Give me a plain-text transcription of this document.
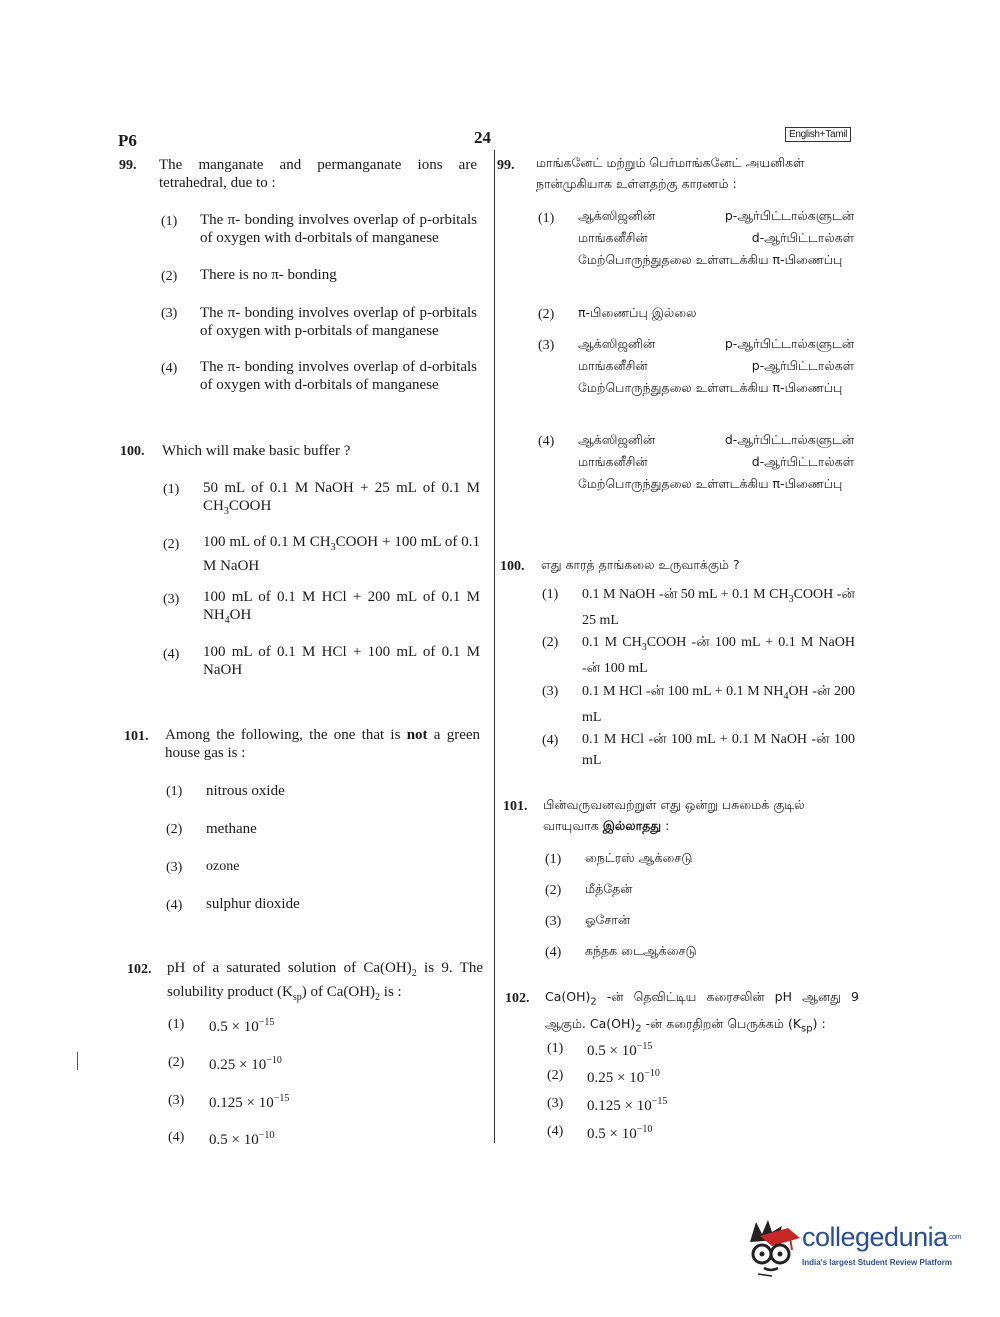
P6	24	English+Tamil
99. The manganate and permanganate ions are tetrahedral, due to :
(1) The π- bonding involves overlap of p-orbitals of oxygen with d-orbitals of manganese
(2) There is no π- bonding
(3) The π- bonding involves overlap of p-orbitals of oxygen with p-orbitals of manganese
(4) The π- bonding involves overlap of d-orbitals of oxygen with d-orbitals of manganese
100. Which will make basic buffer ?
(1) 50 mL of 0.1 M NaOH + 25 mL of 0.1 M $CH_3COOH$
(2) 100 mL of 0.1 M $CH_3COOH + 100$ mL of 0.1 M NaOH
(3) 100 mL of 0.1 M HCl + 200 mL of 0.1 M $NH_4OH$
(4) 100 mL of 0.1 M HCl + 100 mL of 0.1 M NaOH
101. Among the following, the one that is not a green house gas is :
(1) nitrous oxide
(2) methane
(3) ozone
(4) sulphur dioxide
102. pH of a saturated solution of $Ca(OH)_2$ is 9. The solubility product $(K_{sp})$ of $Ca(OH)_2$ is :
(1) $0.5 \times 10^{-15}$
(2) $0.25 \times 10^{-10}$
(3) $0.125 \times 10^{-15}$
(4) $0.5 \times 10^{-10}$
99. மாங்கனேட் மற்றும் பெர்மாங்கனேட் அயனிகள் நான்முகியாக உள்ளதற்கு காரணம் :
(1) ஆக்ஸிஜனின் p-ஆர்பிட்டால்களுடன் மாங்கனீசின் d-ஆர்பிட்டால்கள் மேற்பொருந்துதலை உள்ளடக்கிய π-பிணைப்பு
(2) π-பிணைப்பு இல்லை
(3) ஆக்ஸிஜனின் p-ஆர்பிட்டால்களுடன் மாங்கனீசின் p-ஆர்பிட்டால்கள் மேற்பொருந்துதலை உள்ளடக்கிய π-பிணைப்பு
(4) ஆக்ஸிஜனின் d-ஆர்பிட்டால்களுடன் மாங்கனீசின் d-ஆர்பிட்டால்கள் மேற்பொருந்துதலை உள்ளடக்கிய π-பிணைப்பு
100. எது காரத் தாங்கலை உருவாக்கும் ?
(1) 0.1 M NaOH -ன் 50 mL + 0.1 M $CH_3COOH$ -ன் 25 mL
(2) 0.1 M $CH_3COOH$ -ன் 100 mL + 0.1 M NaOH -ன் 100 mL
(3) 0.1 M HCl -ன் 100 mL + 0.1 M $NH_4OH$ -ன் 200 mL
(4) 0.1 M HCl -ன் 100 mL + 0.1 M NaOH -ன் 100 mL
101. பின்வருவனவற்றுள் எது ஒன்று பசுமைக் குடில் வாயுவாக இல்லாதது :
(1) நைட்ரஸ் ஆக்சைடு
(2) மீத்தேன்
(3) ஓசோன்
(4) கந்தக டைஆக்சைடு
102. $Ca(OH)_2$ -ன் தெவிட்டிய கரைசலின் pH ஆனது 9 ஆகும். $Ca(OH)_2$ -ன் கரைதிறன் பெருக்கம் $(K_{sp})$ :
(1) $0.5 \times 10^{-15}$
(2) $0.25 \times 10^{-10}$
(3) $0.125 \times 10^{-15}$
(4) $0.5 \times 10^{-10}$
collegedunia$^{.com}$
India's largest Student Review Platform
